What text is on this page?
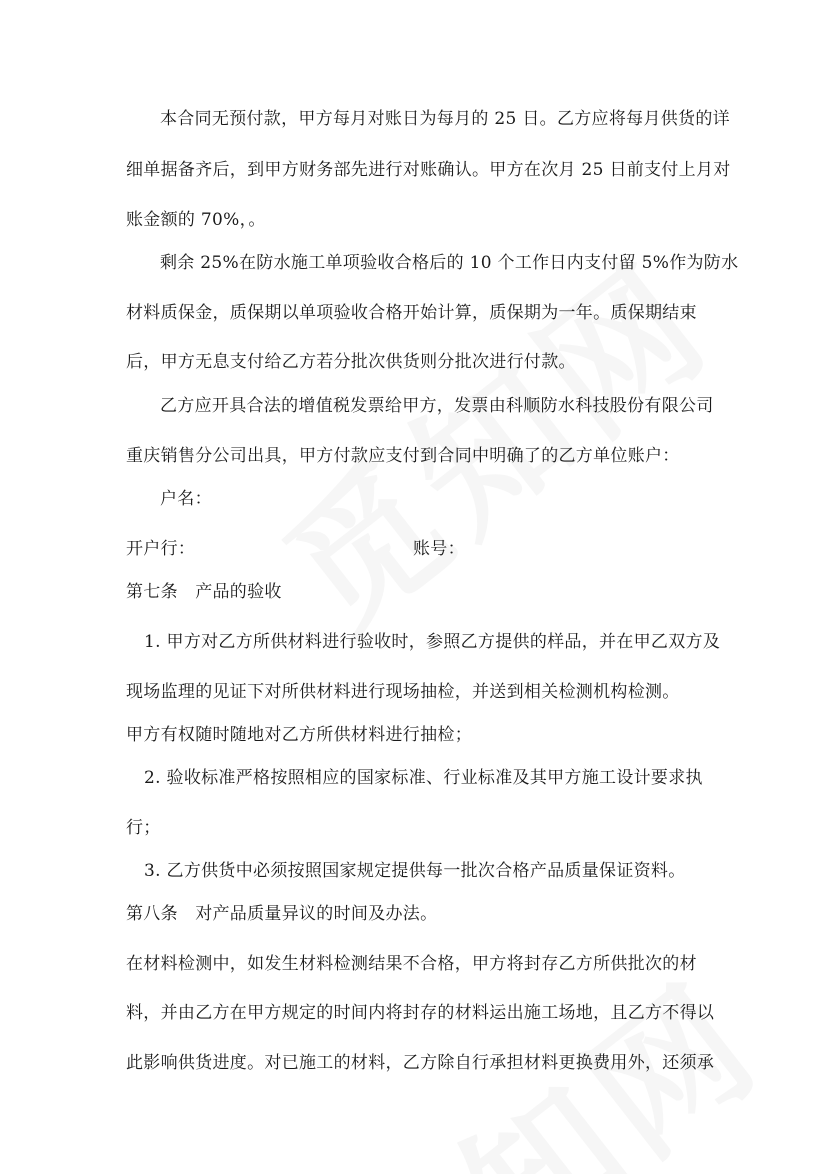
本合同无预付款，甲方每月对账日为每月的 25 日。乙方应将每月供货的详
细单据备齐后，到甲方财务部先进行对账确认。甲方在次月 25 日前支付上月对
账金额的 70%，。
剩余 25%在防水施工单项验收合格后的 10 个工作日内支付留 5%作为防水
材料质保金，质保期以单项验收合格开始计算，质保期为一年。质保期结束
后，甲方无息支付给乙方若分批次供货则分批次进行付款。
乙方应开具合法的增值税发票给甲方，发票由科顺防水科技股份有限公司
重庆销售分公司出具，甲方付款应支付到合同中明确了的乙方单位账户：
户名：
开户行：	账号：
第七条　产品的验收
1. 甲方对乙方所供材料进行验收时，参照乙方提供的样品，并在甲乙双方及
现场监理的见证下对所供材料进行现场抽检，并送到相关检测机构检测。
甲方有权随时随地对乙方所供材料进行抽检；
2. 验收标准严格按照相应的国家标准、行业标准及其甲方施工设计要求执
行；
3. 乙方供货中必须按照国家规定提供每一批次合格产品质量保证资料。
第八条　对产品质量异议的时间及办法。
在材料检测中，如发生材料检测结果不合格，甲方将封存乙方所供批次的材
料，并由乙方在甲方规定的时间内将封存的材料运出施工场地，且乙方不得以
此影响供货进度。对已施工的材料，乙方除自行承担材料更换费用外，还须承
